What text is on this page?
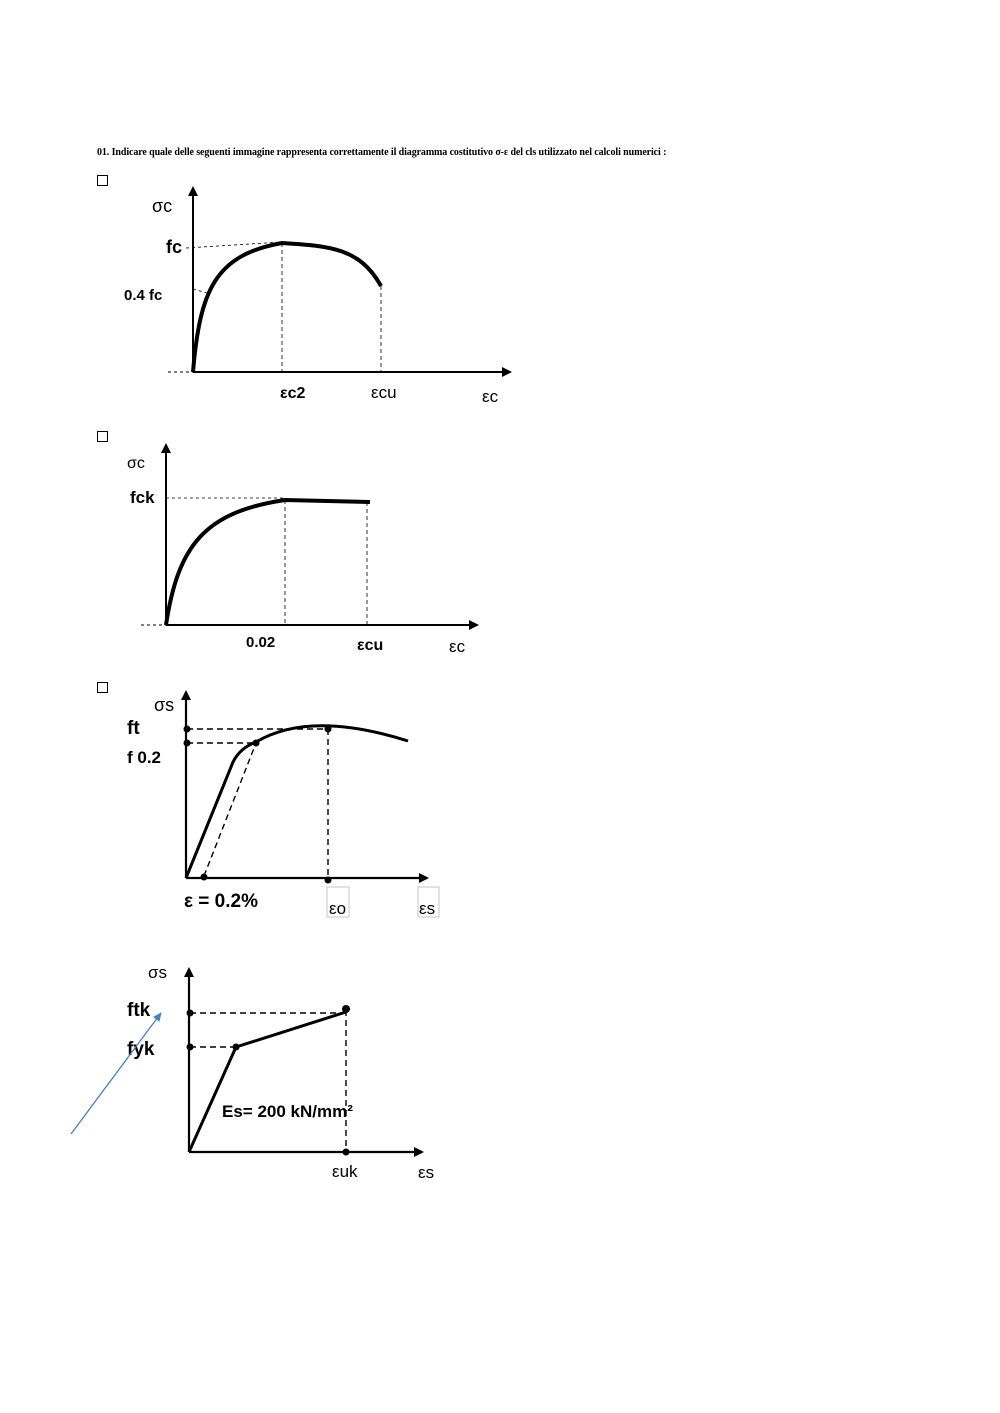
01. Indicare quale delle seguenti immagine rappresenta correttamente il diagramma costitutivo σ-ε del cls utilizzato nel calcoli numerici :
σc
fc
0.4 fc
εc2	εcu	εc
σc
fck
0.02	εcu	εc
σs
ft
f 0.2
ε = 0.2%	εo	εs
σs
ftk
fyk
Es= 200 kN/mm²
εuk	εs
